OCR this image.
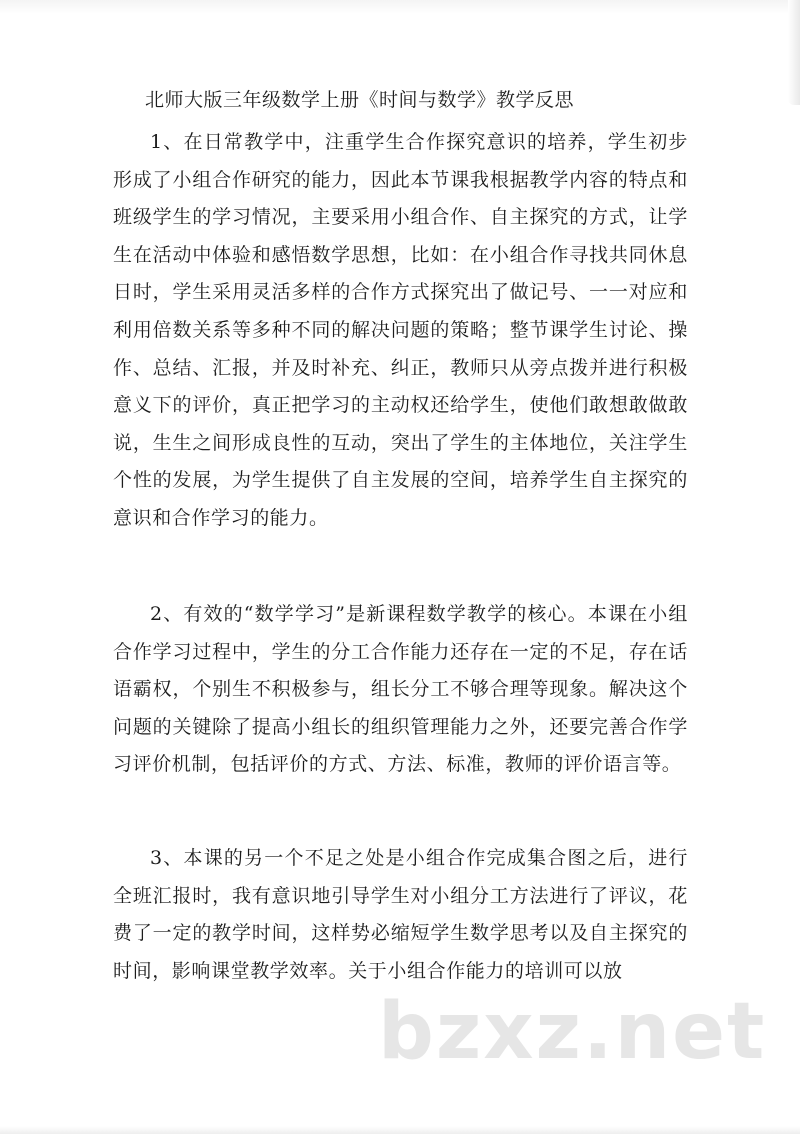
北师大版三年级数学上册《时间与数学》教学反思

1、在日常教学中，注重学生合作探究意识的培养，学生初步形成了小组合作研究的能力，因此本节课我根据教学内容的特点和班级学生的学习情况，主要采用小组合作、自主探究的方式，让学生在活动中体验和感悟数学思想，比如：在小组合作寻找共同休息日时，学生采用灵活多样的合作方式探究出了做记号、一一对应和利用倍数关系等多种不同的解决问题的策略；整节课学生讨论、操作、总结、汇报，并及时补充、纠正，教师只从旁点拨并进行积极意义下的评价，真正把学习的主动权还给学生，使他们敢想敢做敢说，生生之间形成良性的互动，突出了学生的主体地位，关注学生个性的发展，为学生提供了自主发展的空间，培养学生自主探究的意识和合作学习的能力。

2、有效的“数学学习”是新课程数学教学的核心。本课在小组合作学习过程中，学生的分工合作能力还存在一定的不足，存在话语霸权，个别生不积极参与，组长分工不够合理等现象。解决这个问题的关键除了提高小组长的组织管理能力之外，还要完善合作学习评价机制，包括评价的方式、方法、标准，教师的评价语言等。

3、本课的另一个不足之处是小组合作完成集合图之后，进行全班汇报时，我有意识地引导学生对小组分工方法进行了评议，花费了一定的教学时间，这样势必缩短学生数学思考以及自主探究的时间，影响课堂教学效率。关于小组合作能力的培训可以放

bzxz.net
